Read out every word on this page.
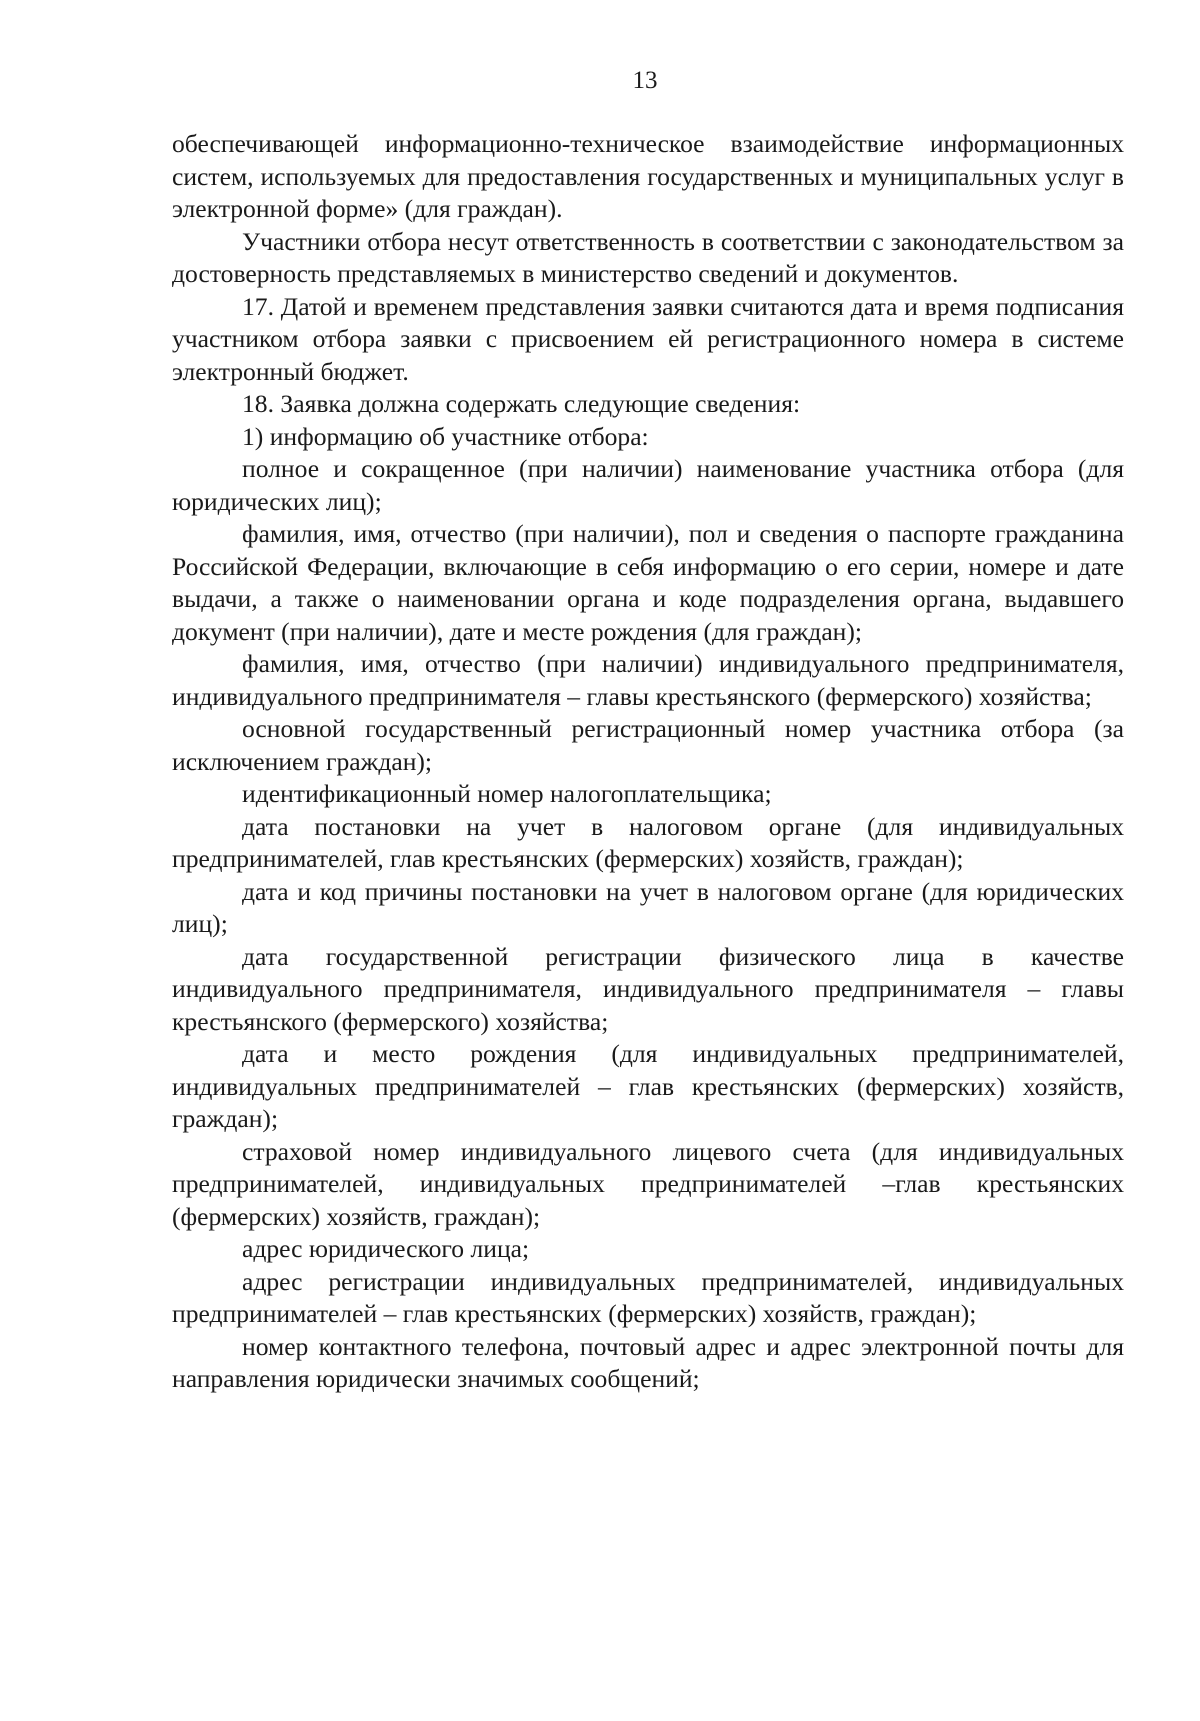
13

обеспечивающей информационно-техническое взаимодействие информационных систем, используемых для предоставления государственных и муниципальных услуг в электронной форме» (для граждан).

Участники отбора несут ответственность в соответствии с законодательством за достоверность представляемых в министерство сведений и документов.

17. Датой и временем представления заявки считаются дата и время подписания участником отбора заявки с присвоением ей регистрационного номера в системе электронный бюджет.

18. Заявка должна содержать следующие сведения:

1) информацию об участнике отбора:

полное и сокращенное (при наличии) наименование участника отбора (для юридических лиц);

фамилия, имя, отчество (при наличии), пол и сведения о паспорте гражданина Российской Федерации, включающие в себя информацию о его серии, номере и дате выдачи, а также о наименовании органа и коде подразделения органа, выдавшего документ (при наличии), дате и месте рождения (для граждан);

фамилия, имя, отчество (при наличии) индивидуального предпринимателя, индивидуального предпринимателя – главы крестьянского (фермерского) хозяйства;

основной государственный регистрационный номер участника отбора (за исключением граждан);

идентификационный номер налогоплательщика;

дата постановки на учет в налоговом органе (для индивидуальных предпринимателей, глав крестьянских (фермерских) хозяйств, граждан);

дата и код причины постановки на учет в налоговом органе (для юридических лиц);

дата государственной регистрации физического лица в качестве индивидуального предпринимателя, индивидуального предпринимателя – главы крестьянского (фермерского) хозяйства;

дата и место рождения (для индивидуальных предпринимателей, индивидуальных предпринимателей – глав крестьянских (фермерских) хозяйств, граждан);

страховой номер индивидуального лицевого счета (для индивидуальных предпринимателей, индивидуальных предпринимателей –глав крестьянских (фермерских) хозяйств, граждан);

адрес юридического лица;

адрес регистрации индивидуальных предпринимателей, индивидуальных предпринимателей – глав крестьянских (фермерских) хозяйств, граждан);

номер контактного телефона, почтовый адрес и адрес электронной почты для направления юридически значимых сообщений;
